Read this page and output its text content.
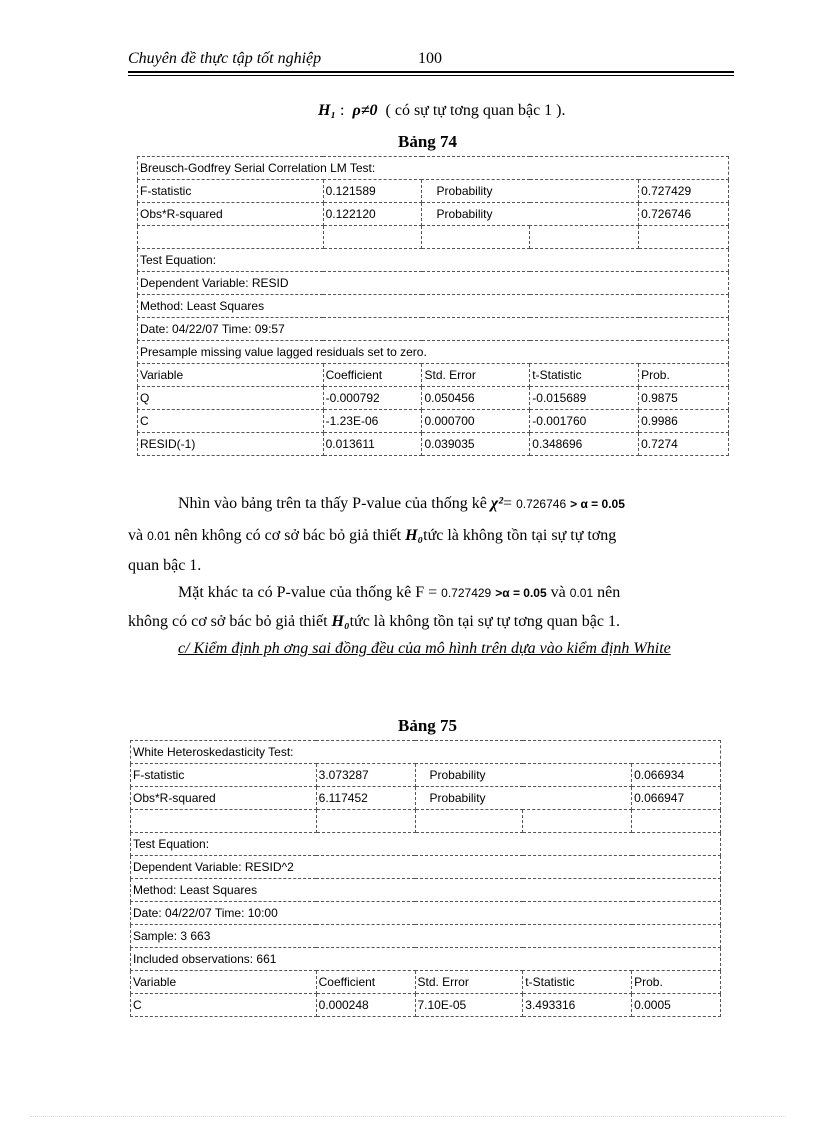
Chuyên đề thực tập tốt nghiệp	100
H₁ : ρ≠0 ( có sự tự tơng quan bậc 1 ).
Bảng 74
Breusch-Godfrey Serial Correlation LM Test:				
F-statistic	0.121589	Probability		0.727429
Obs*R-squared	0.122120	Probability		0.726746

Test Equation:				
Dependent Variable: RESID				
Method: Least Squares				
Date: 04/22/07 Time: 09:57				
Presample missing value lagged residuals set to zero.				
Variable	Coefficient	Std. Error	t-Statistic	Prob.
Q	-0.000792	0.050456	-0.015689	0.9875
C	-1.23E-06	0.000700	-0.001760	0.9986
RESID(-1)	0.013611	0.039035	0.348696	0.7274
Nhìn vào bảng trên ta thấy P-value của thống kê χ²= 0.726746 > α = 0.05
và 0.01 nên không có cơ sở bác bỏ giả thiết H₀tức là không tồn tại sự tự tơng
quan bậc 1.
Mặt khác ta có P-value của thống kê F = 0.727429 >α = 0.05 và 0.01 nên
không có cơ sở bác bỏ giả thiết H₀tức là không tồn tại sự tự tơng quan bậc 1.
c/ Kiểm định ph ơng sai đồng đều của mô hình trên dựa vào kiểm định White
Bảng 75
White Heteroskedasticity Test:				
F-statistic	3.073287	Probability		0.066934
Obs*R-squared	6.117452	Probability		0.066947

Test Equation:				
Dependent Variable: RESID^2				
Method: Least Squares				
Date: 04/22/07 Time: 10:00				
Sample: 3 663				
Included observations: 661				
Variable	Coefficient	Std. Error	t-Statistic	Prob.
C	0.000248	7.10E-05	3.493316	0.0005
